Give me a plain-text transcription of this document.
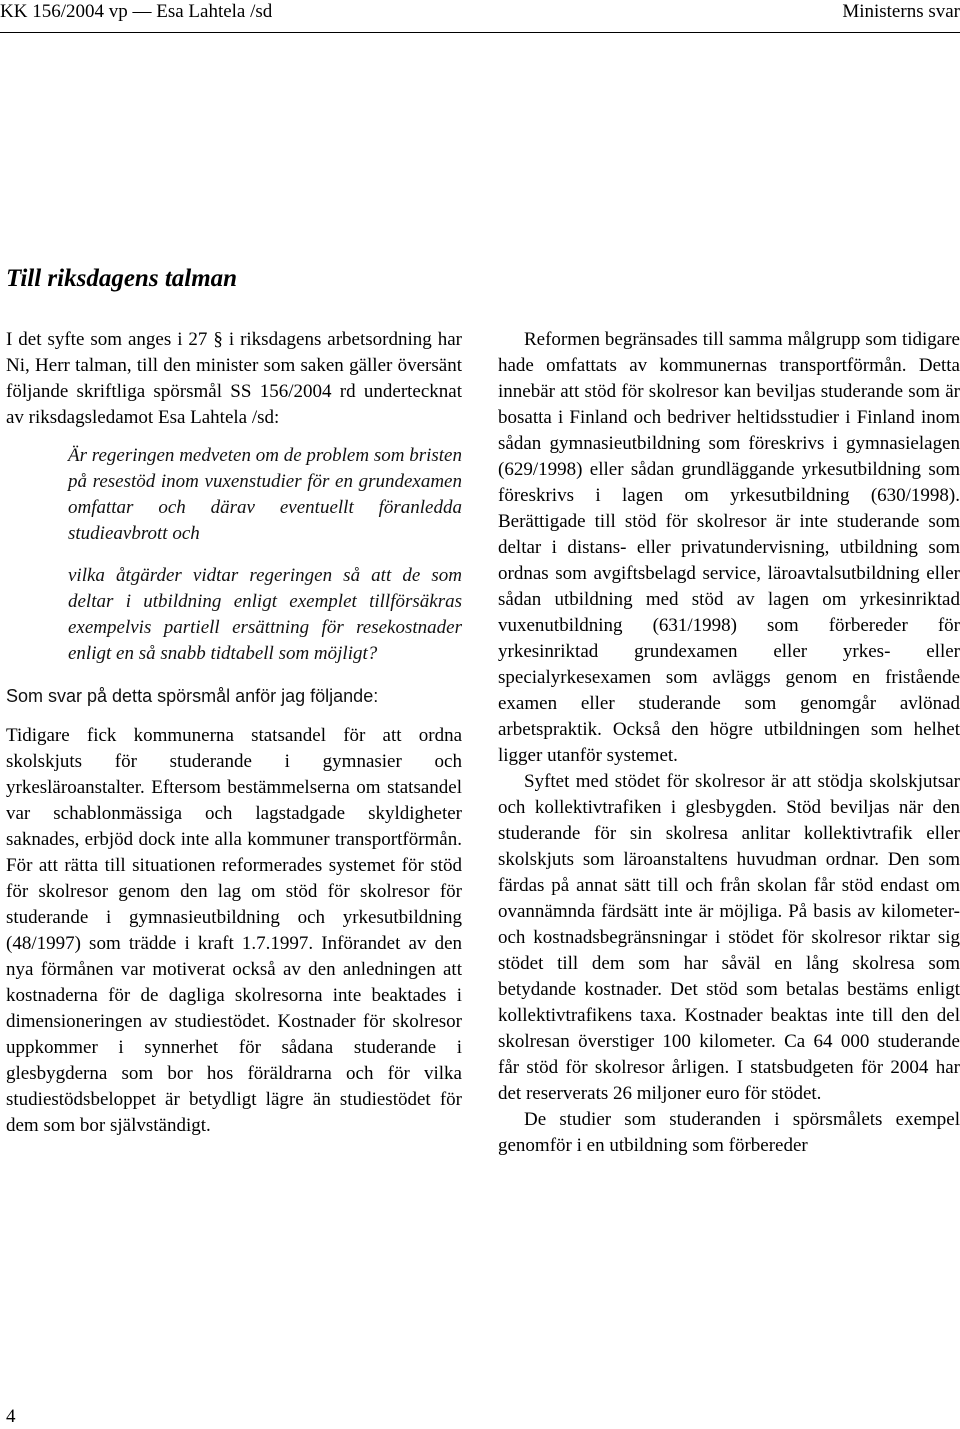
KK 156/2004 vp — Esa Lahtela /sd	Ministerns svar
Till riksdagens talman

I det syfte som anges i 27 § i riksdagens arbetsordning har Ni, Herr talman, till den minister som saken gäller översänt följande skriftliga spörsmål SS 156/2004 rd undertecknat av riksdagsledamot Esa Lahtela /sd:

Är regeringen medveten om de problem som bristen på resestöd inom vuxenstudier för en grundexamen omfattar och därav eventuellt föranledda studieavbrott och

vilka åtgärder vidtar regeringen så att de som deltar i utbildning enligt exemplet tillförsäkras exempelvis partiell ersättning för resekostnader enligt en så snabb tidtabell som möjligt?

Som svar på detta spörsmål anför jag följande:

Tidigare fick kommunerna statsandel för att ordna skolskjuts för studerande i gymnasier och yrkesläroanstalter. Eftersom bestämmelserna om statsandel var schablonmässiga och lagstadgade skyldigheter saknades, erbjöd dock inte alla kommuner transportförmån. För att rätta till situationen reformerades systemet för stöd för skolresor genom den lag om stöd för skolresor för studerande i gymnasieutbildning och yrkesutbildning (48/1997) som trädde i kraft 1.7.1997. Införandet av den nya förmånen var motiverat också av den anledningen att kostnaderna för de dagliga skolresorna inte beaktades i dimensioneringen av studiestödet. Kostnader för skolresor uppkommer i synnerhet för sådana studerande i glesbygderna som bor hos föräldrarna och för vilka studiestödsbeloppet är betydligt lägre än studiestödet för dem som bor självständigt.

Reformen begränsades till samma målgrupp som tidigare hade omfattats av kommunernas transportförmån. Detta innebär att stöd för skolresor kan beviljas studerande som är bosatta i Finland och bedriver heltidsstudier i Finland inom sådan gymnasieutbildning som föreskrivs i gymnasielagen (629/1998) eller sådan grundläggande yrkesutbildning som föreskrivs i lagen om yrkesutbildning (630/1998). Berättigade till stöd för skolresor är inte studerande som deltar i distans- eller privatundervisning, utbildning som ordnas som avgiftsbelagd service, läroavtalsutbildning eller sådan utbildning med stöd av lagen om yrkesinriktad vuxenutbildning (631/1998) som förbereder för yrkesinriktad grundexamen eller yrkes- eller specialyrkesexamen som avläggs genom en fristående examen eller studerande som genomgår avlönad arbetspraktik. Också den högre utbildningen som helhet ligger utanför systemet.

Syftet med stödet för skolresor är att stödja skolskjutsar och kollektivtrafiken i glesbygden. Stöd beviljas när den studerande för sin skolresa anlitar kollektivtrafik eller skolskjuts som läroanstaltens huvudman ordnar. Den som färdas på annat sätt till och från skolan får stöd endast om ovannämnda färdsätt inte är möjliga. På basis av kilometer- och kostnadsbegränsningar i stödet för skolresor riktar sig stödet till dem som har såväl en lång skolresa som betydande kostnader. Det stöd som betalas bestäms enligt kollektivtrafikens taxa. Kostnader beaktas inte till den del skolresan överstiger 100 kilometer. Ca 64 000 studerande får stöd för skolresor årligen. I statsbudgeten för 2004 har det reserverats 26 miljoner euro för stödet.

De studier som studeranden i spörsmålets exempel genomför i en utbildning som förbereder

4
